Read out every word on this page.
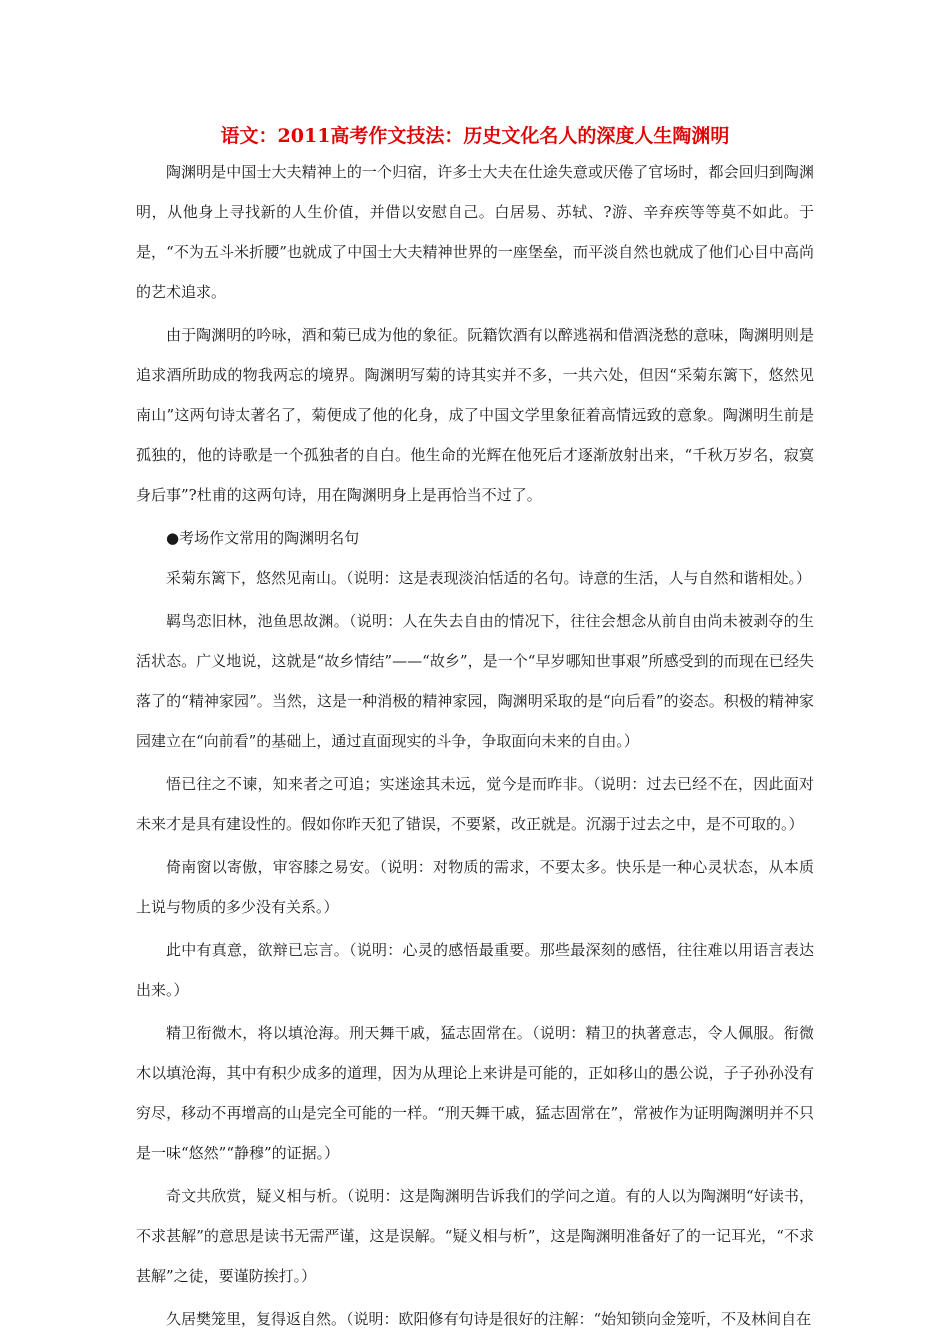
语文：2011高考作文技法：历史文化名人的深度人生陶渊明

陶渊明是中国士大夫精神上的一个归宿，许多士大夫在仕途失意或厌倦了官场时，都会回归到陶渊明，从他身上寻找新的人生价值，并借以安慰自己。白居易、苏轼、?游、辛弃疾等等莫不如此。于是，“不为五斗米折腰”也就成了中国士大夫精神世界的一座堡垒，而平淡自然也就成了他们心目中高尚的艺术追求。

由于陶渊明的吟咏，酒和菊已成为他的象征。阮籍饮酒有以醉逃祸和借酒浇愁的意味，陶渊明则是追求酒所助成的物我两忘的境界。陶渊明写菊的诗其实并不多，一共六处，但因“采菊东篱下，悠然见南山”这两句诗太著名了，菊便成了他的化身，成了中国文学里象征着高情远致的意象。陶渊明生前是孤独的，他的诗歌是一个孤独者的自白。他生命的光辉在他死后才逐渐放射出来，“千秋万岁名，寂寞身后事”?杜甫的这两句诗，用在陶渊明身上是再恰当不过了。

●考场作文常用的陶渊明名句

采菊东篱下，悠然见南山。（说明：这是表现淡泊恬适的名句。诗意的生活，人与自然和谐相处。）

羁鸟恋旧林，池鱼思故渊。（说明：人在失去自由的情况下，往往会想念从前自由尚未被剥夺的生活状态。广义地说，这就是“故乡情结”——“故乡”，是一个“早岁哪知世事艰”所感受到的而现在已经失落了的“精神家园”。当然，这是一种消极的精神家园，陶渊明采取的是“向后看”的姿态。积极的精神家园建立在“向前看”的基础上，通过直面现实的斗争，争取面向未来的自由。）

悟已往之不谏，知来者之可追；实迷途其未远，觉今是而昨非。（说明：过去已经不在，因此面对未来才是具有建设性的。假如你昨天犯了错误，不要紧，改正就是。沉溺于过去之中，是不可取的。）

倚南窗以寄傲，审容膝之易安。（说明：对物质的需求，不要太多。快乐是一种心灵状态，从本质上说与物质的多少没有关系。）

此中有真意，欲辩已忘言。（说明：心灵的感悟最重要。那些最深刻的感悟，往往难以用语言表达出来。）

精卫衔微木，将以填沧海。刑天舞干戚，猛志固常在。（说明：精卫的执著意志，令人佩服。衔微木以填沧海，其中有积少成多的道理，因为从理论上来讲是可能的，正如移山的愚公说，子子孙孙没有穷尽，移动不再增高的山是完全可能的一样。“刑天舞干戚，猛志固常在”，常被作为证明陶渊明并不只是一味“悠然”“静穆”的证据。）

奇文共欣赏，疑义相与析。（说明：这是陶渊明告诉我们的学问之道。有的人以为陶渊明“好读书，不求甚解”的意思是读书无需严谨，这是误解。“疑义相与析”，这是陶渊明准备好了的一记耳光，“不求甚解”之徒，要谨防挨打。）

久居樊笼里，复得返自然。（说明：欧阳修有句诗是很好的注解：“始知锁向金笼听，不及林间自在
